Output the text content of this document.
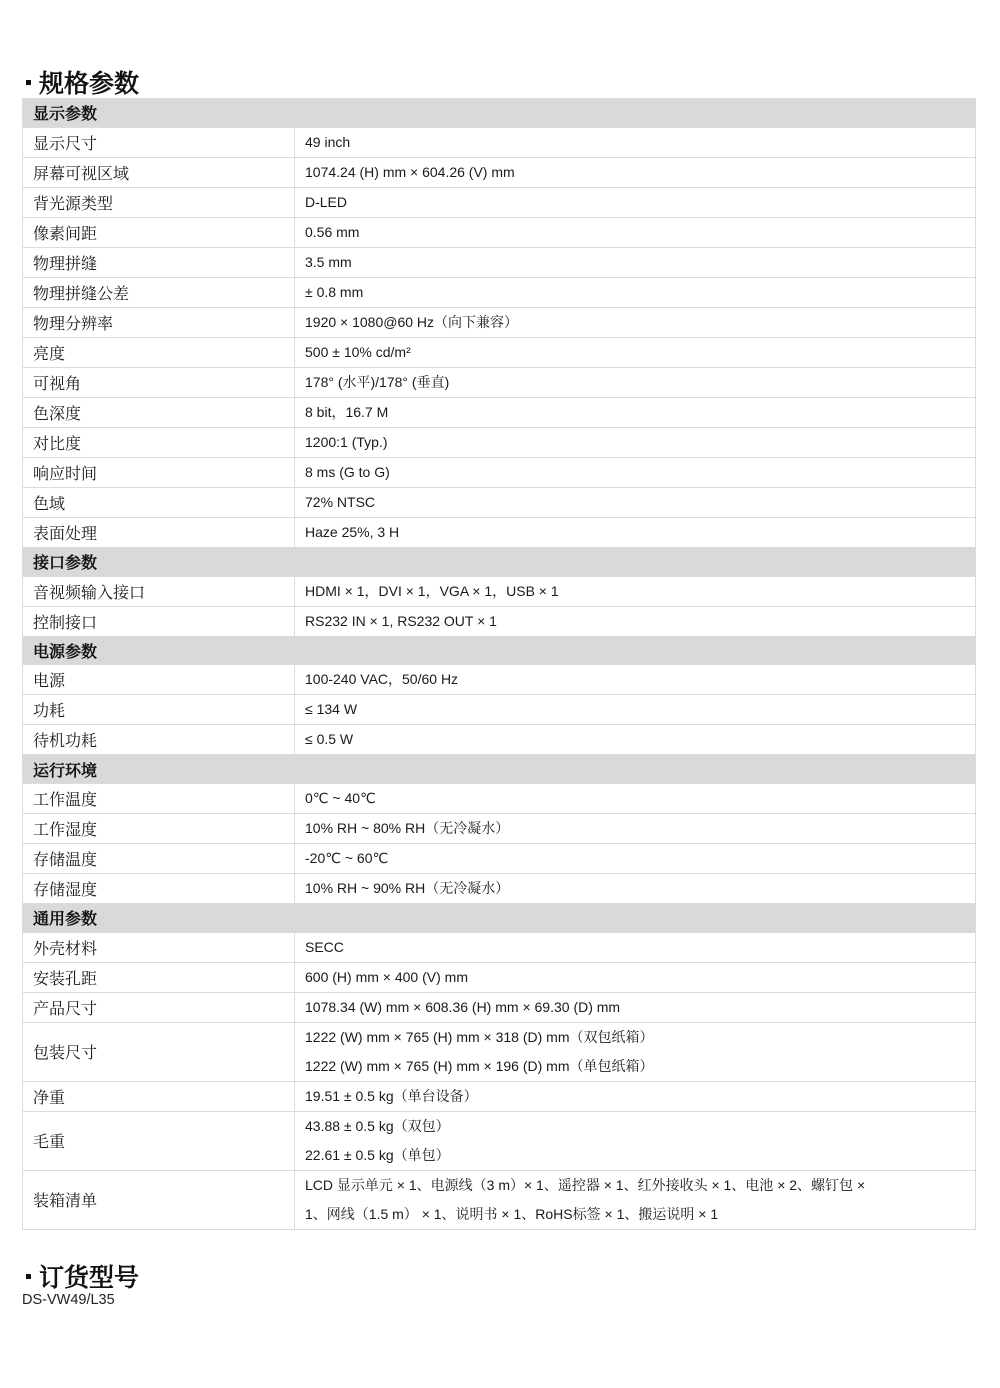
规格参数
显示参数	
显示尺寸	49 inch

屏幕可视区域	1074.24 (H) mm × 604.26 (V) mm

背光源类型	D-LED

像素间距	0.56 mm

物理拼缝	3.5 mm

物理拼缝公差	± 0.8 mm

物理分辨率	1920 × 1080@60 Hz（向下兼容）

亮度	500 ± 10% cd/m²

可视角	178° (水平)/178° (垂直)

色深度	8 bit，16.7 M

对比度	1200:1 (Typ.)

响应时间	8 ms (G to G)

色域	72% NTSC

表面处理	Haze 25%, 3 H

接口参数	
音视频输入接口	HDMI × 1，DVI × 1，VGA × 1，USB × 1

控制接口	RS232 IN × 1, RS232 OUT × 1

电源参数	
电源	100-240 VAC，50/60 Hz

功耗	≤ 134 W

待机功耗	≤ 0.5 W

运行环境	
工作温度	0℃ ~ 40℃

工作湿度	10% RH ~ 80% RH（无冷凝水）

存储温度	-20℃ ~ 60℃

存储湿度	10% RH ~ 90% RH（无冷凝水）

通用参数	
外壳材料	SECC

安装孔距	600 (H) mm × 400 (V) mm

产品尺寸	1078.34 (W) mm × 608.36 (H) mm × 69.30 (D) mm

包装尺寸	1222 (W) mm × 765 (H) mm × 318 (D) mm（双包纸箱）
1222 (W) mm × 765 (H) mm × 196 (D) mm（单包纸箱）

净重	19.51 ± 0.5 kg（单台设备）

毛重	43.88 ± 0.5 kg（双包）
22.61 ± 0.5 kg（单包）

装箱清单	LCD 显示单元 × 1、电源线（3 m）× 1、遥控器 × 1、红外接收头 × 1、电池 × 2、螺钉包 ×
1、网线（1.5 m） × 1、说明书 × 1、RoHS标签 × 1、搬运说明 × 1
订货型号
DS-VW49/L35
